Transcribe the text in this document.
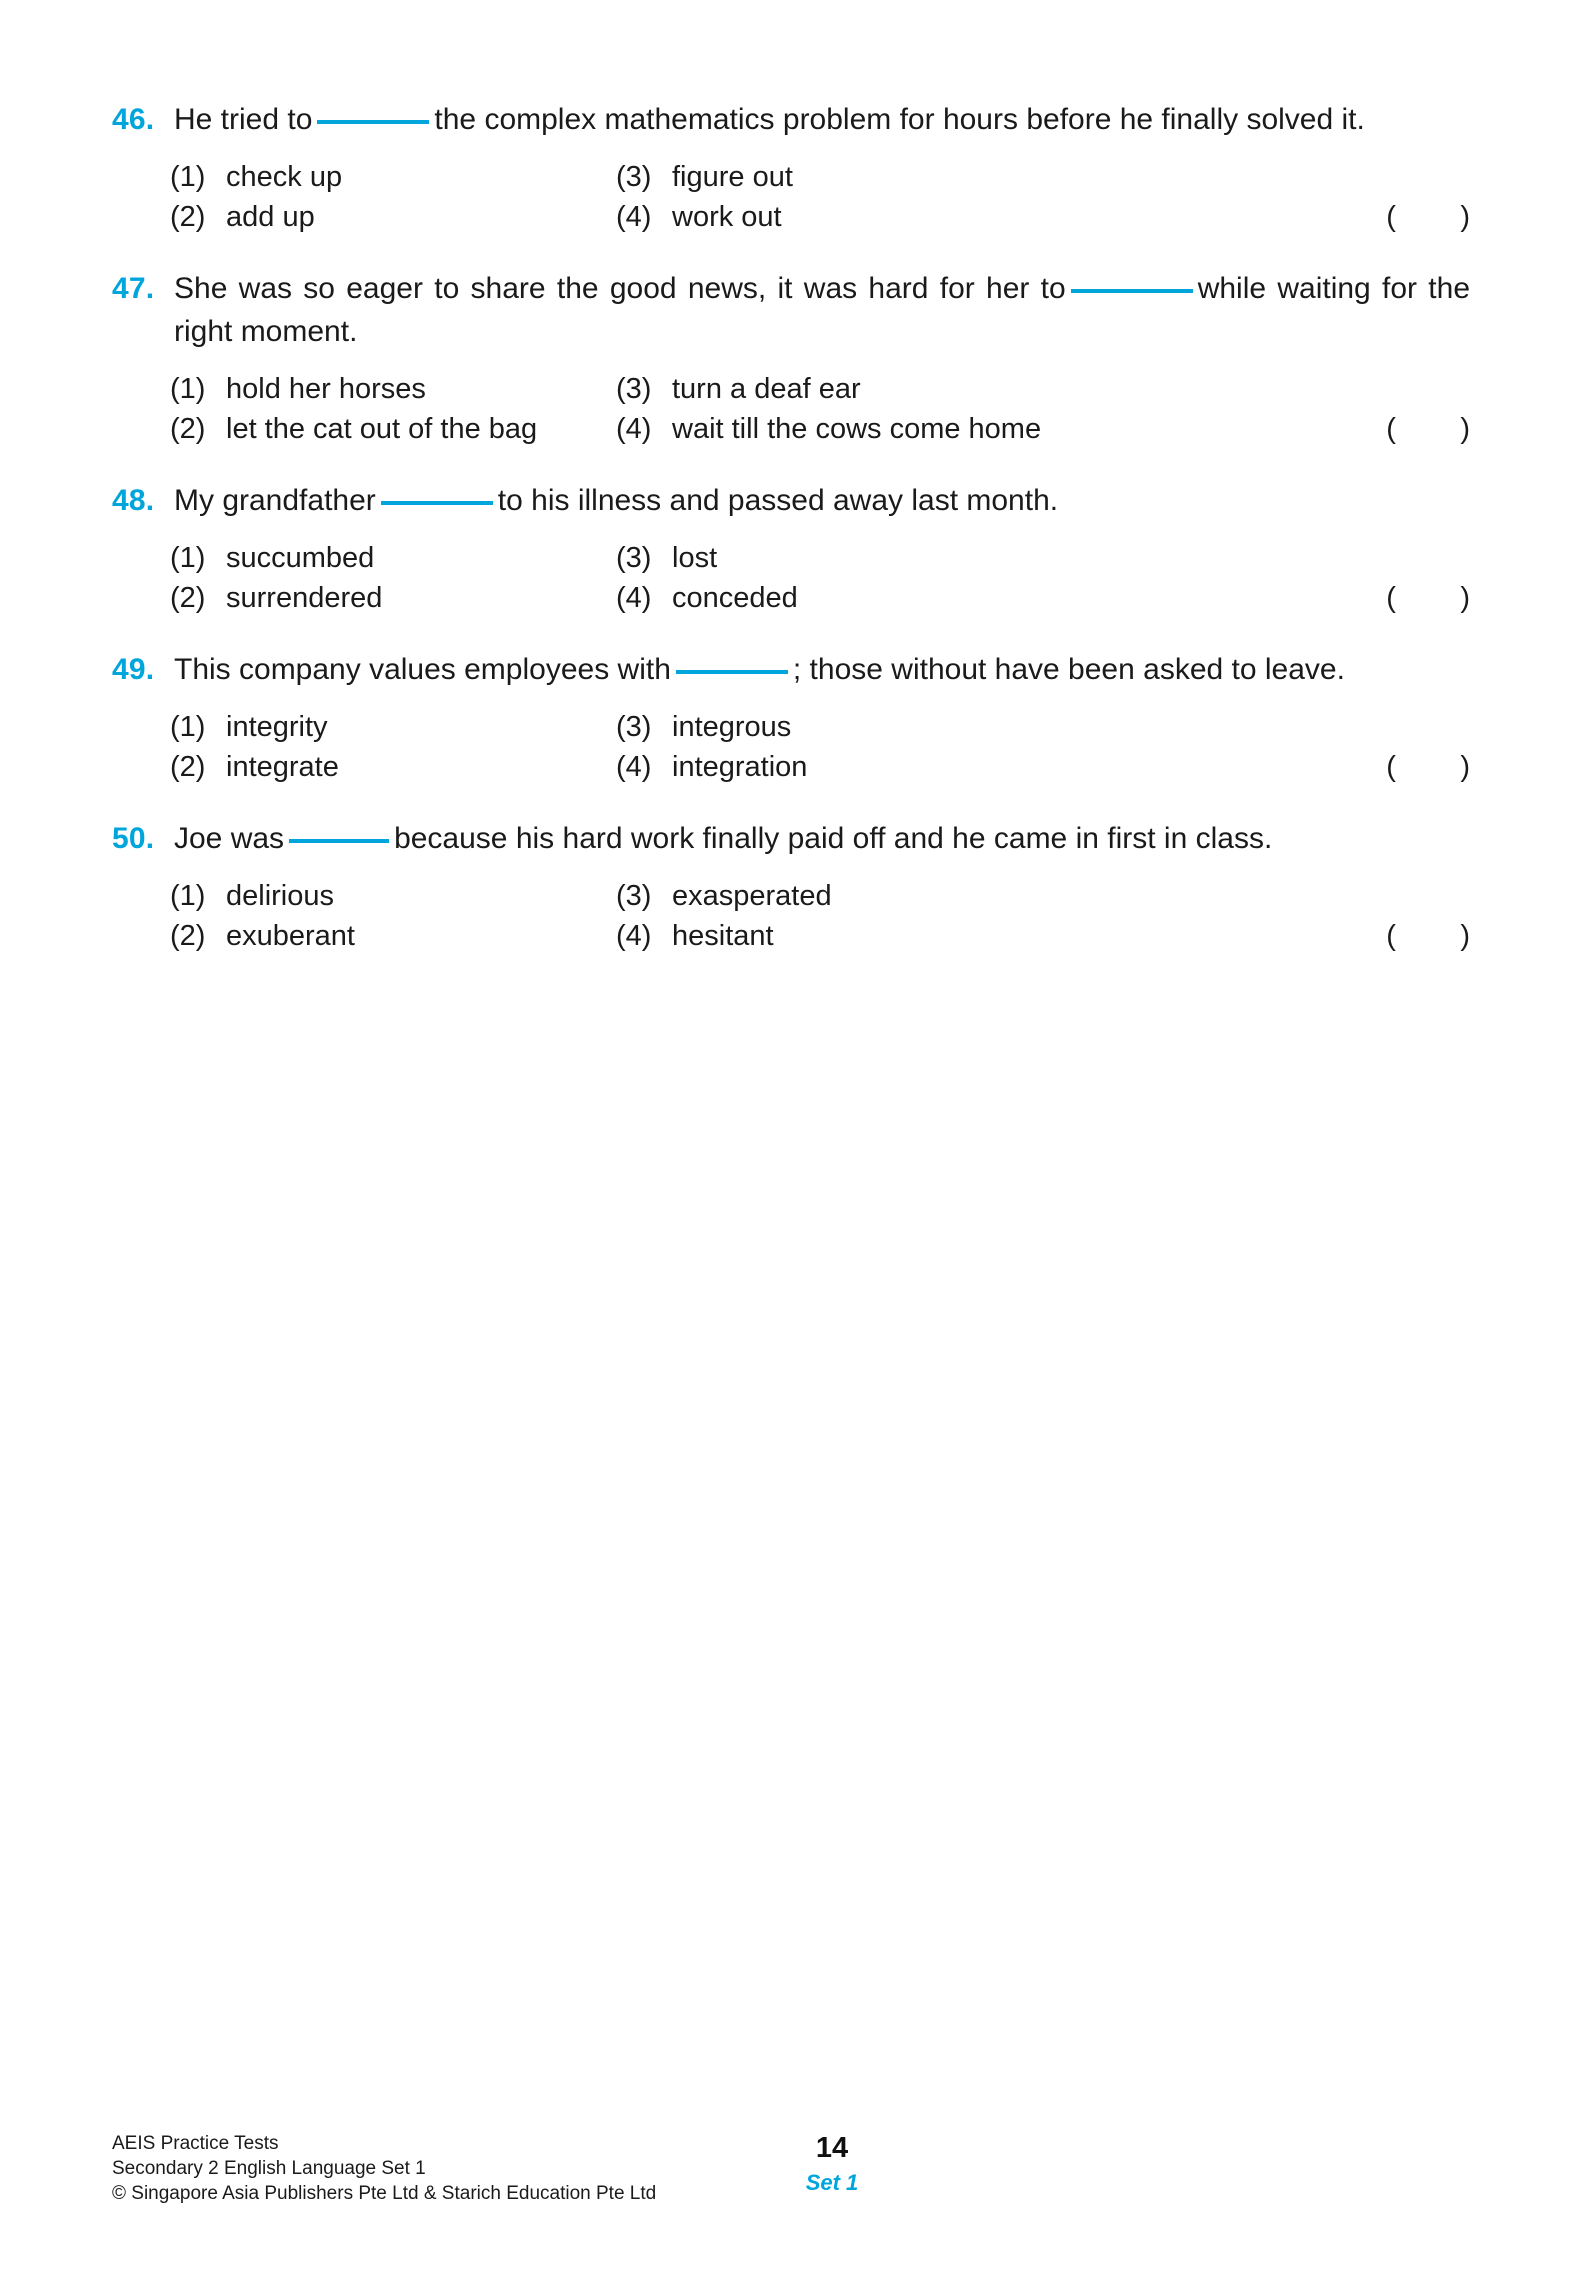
46. He tried to	the complex mathematics problem for hours before he finally solved it.
(1) check up	(3) figure out
(2) add up	(4) work out	(        )
47. She was so eager to share the good news, it was hard for her to	while waiting for the right moment.
(1) hold her horses	(3) turn a deaf ear
(2) let the cat out of the bag	(4) wait till the cows come home	(        )
48. My grandfather	to his illness and passed away last month.
(1) succumbed	(3) lost
(2) surrendered	(4) conceded	(        )
49. This company values employees with	; those without have been asked to leave.
(1) integrity	(3) integrous
(2) integrate	(4) integration	(        )
50. Joe was	because his hard work finally paid off and he came in first in class.
(1) delirious	(3) exasperated
(2) exuberant	(4) hesitant	(        )
AEIS Practice Tests
Secondary 2 English Language Set 1
© Singapore Asia Publishers Pte Ltd & Starich Education Pte Ltd
14
Set 1
